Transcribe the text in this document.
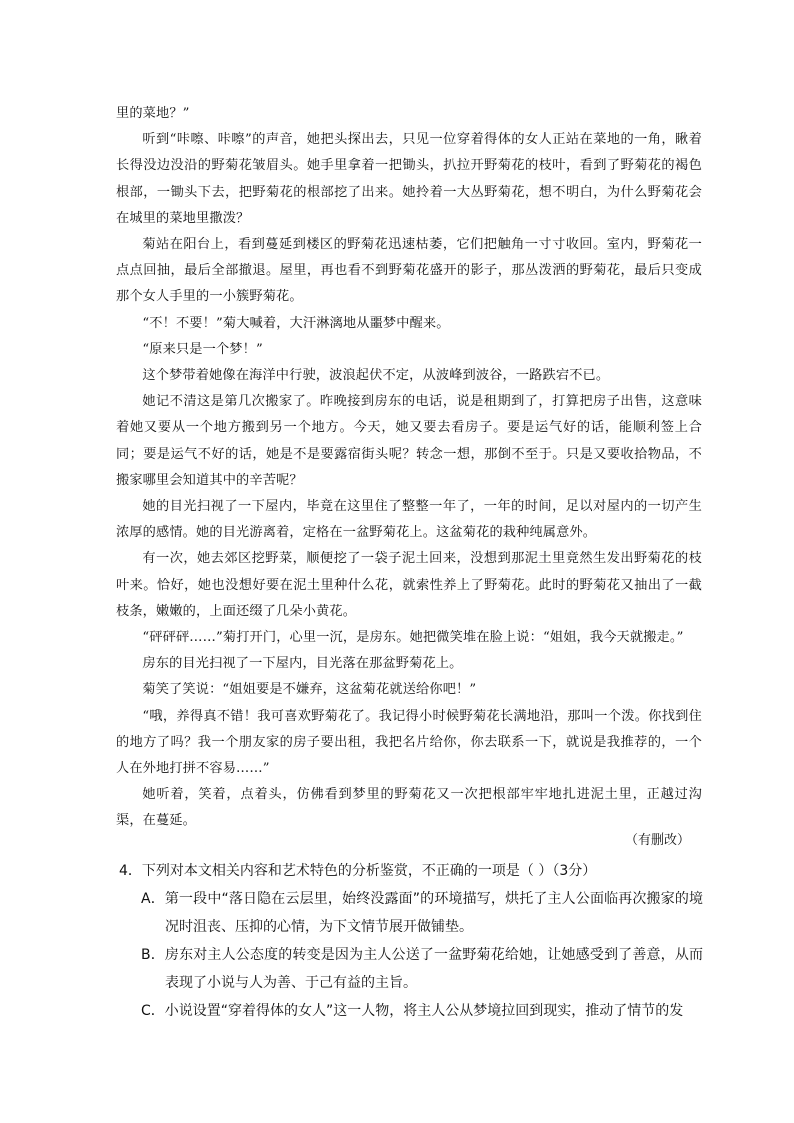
里的菜地？”

听到“咔嚓、咔嚓”的声音，她把头探出去，只见一位穿着得体的女人正站在菜地的一角，瞅着长得没边没沿的野菊花皱眉头。她手里拿着一把锄头，扒拉开野菊花的枝叶，看到了野菊花的褐色根部，一锄头下去，把野菊花的根部挖了出来。她拎着一大丛野菊花，想不明白，为什么野菊花会在城里的菜地里撒泼？

菊站在阳台上，看到蔓延到楼区的野菊花迅速枯萎，它们把触角一寸寸收回。室内，野菊花一点点回抽，最后全部撤退。屋里，再也看不到野菊花盛开的影子，那丛泼洒的野菊花，最后只变成那个女人手里的一小簇野菊花。

“不！不要！”菊大喊着，大汗淋漓地从噩梦中醒来。

“原来只是一个梦！”

这个梦带着她像在海洋中行驶，波浪起伏不定，从波峰到波谷，一路跌宕不已。

她记不清这是第几次搬家了。昨晚接到房东的电话，说是租期到了，打算把房子出售，这意味着她又要从一个地方搬到另一个地方。今天，她又要去看房子。要是运气好的话，能顺利签上合同；要是运气不好的话，她是不是要露宿街头呢？转念一想，那倒不至于。只是又要收拾物品，不搬家哪里会知道其中的辛苦呢？

她的目光扫视了一下屋内，毕竟在这里住了整整一年了，一年的时间，足以对屋内的一切产生浓厚的感情。她的目光游离着，定格在一盆野菊花上。这盆菊花的栽种纯属意外。

有一次，她去郊区挖野菜，顺便挖了一袋子泥土回来，没想到那泥土里竟然生发出野菊花的枝叶来。恰好，她也没想好要在泥土里种什么花，就索性养上了野菊花。此时的野菊花又抽出了一截枝条，嫩嫩的，上面还缀了几朵小黄花。

“砰砰砰……”菊打开门，心里一沉，是房东。她把微笑堆在脸上说：“姐姐，我今天就搬走。”

房东的目光扫视了一下屋内，目光落在那盆野菊花上。

菊笑了笑说：“姐姐要是不嫌弃，这盆菊花就送给你吧！”

“哦，养得真不错！我可喜欢野菊花了。我记得小时候野菊花长满地沿，那叫一个泼。你找到住的地方了吗？我一个朋友家的房子要出租，我把名片给你，你去联系一下，就说是我推荐的，一个人在外地打拼不容易……”

她听着，笑着，点着头，仿佛看到梦里的野菊花又一次把根部牢牢地扎进泥土里，正越过沟渠，在蔓延。

（有删改）

4．下列对本文相关内容和艺术特色的分析鉴赏，不正确的一项是（ ）（3分）

A．第一段中“落日隐在云层里，始终没露面”的环境描写，烘托了主人公面临再次搬家的境况时沮丧、压抑的心情，为下文情节展开做铺垫。

B．房东对主人公态度的转变是因为主人公送了一盆野菊花给她，让她感受到了善意，从而表现了小说与人为善、于己有益的主旨。

C．小说设置“穿着得体的女人”这一人物，将主人公从梦境拉回到现实，推动了情节的发
